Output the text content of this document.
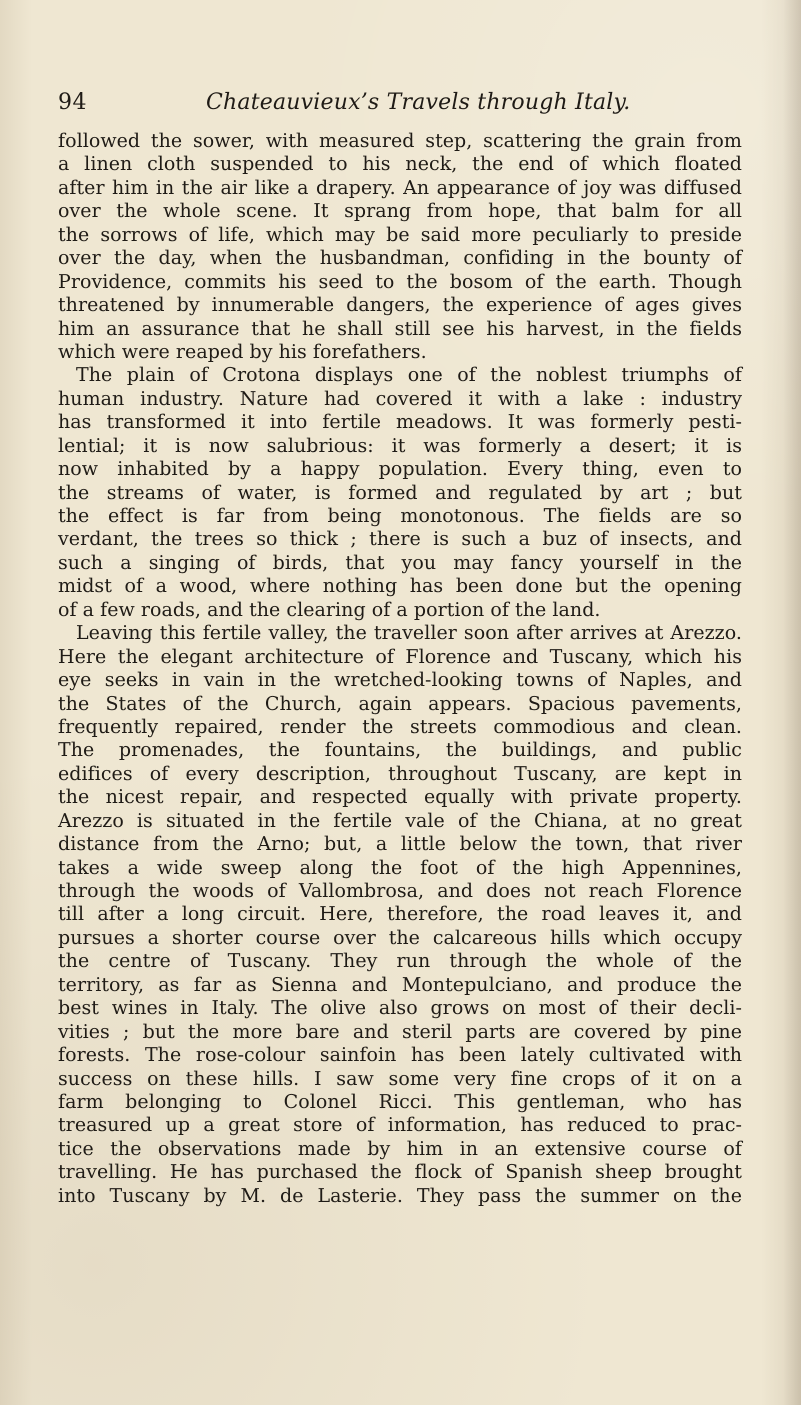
94	Chateauvieux’s Travels through Italy.
followed the sower, with measured step, scattering the grain from
a linen cloth suspended to his neck, the end of which floated
after him in the air like a drapery. An appearance of joy was diffused
over the whole scene. It sprang from hope, that balm for all
the sorrows of life, which may be said more peculiarly to preside
over the day, when the husbandman, confiding in the bounty of
Providence, commits his seed to the bosom of the earth. Though
threatened by innumerable dangers, the experience of ages gives
him an assurance that he shall still see his harvest, in the fields
which were reaped by his forefathers.
The plain of Crotona displays one of the noblest triumphs of
human industry. Nature had covered it with a lake : industry
has transformed it into fertile meadows. It was formerly pesti-
lential; it is now salubrious: it was formerly a desert; it is
now inhabited by a happy population. Every thing, even to
the streams of water, is formed and regulated by art ; but
the effect is far from being monotonous. The fields are so
verdant, the trees so thick ; there is such a buz of insects, and
such a singing of birds, that you may fancy yourself in the
midst of a wood, where nothing has been done but the opening
of a few roads, and the clearing of a portion of the land.
Leaving this fertile valley, the traveller soon after arrives at Arezzo.
Here the elegant architecture of Florence and Tuscany, which his
eye seeks in vain in the wretched-looking towns of Naples, and
the States of the Church, again appears. Spacious pavements,
frequently repaired, render the streets commodious and clean.
The promenades, the fountains, the buildings, and public
edifices of every description, throughout Tuscany, are kept in
the nicest repair, and respected equally with private property.
Arezzo is situated in the fertile vale of the Chiana, at no great
distance from the Arno; but, a little below the town, that river
takes a wide sweep along the foot of the high Appennines,
through the woods of Vallombrosa, and does not reach Florence
till after a long circuit. Here, therefore, the road leaves it, and
pursues a shorter course over the calcareous hills which occupy
the centre of Tuscany. They run through the whole of the
territory, as far as Sienna and Montepulciano, and produce the
best wines in Italy. The olive also grows on most of their decli-
vities ; but the more bare and steril parts are covered by pine
forests. The rose-colour sainfoin has been lately cultivated with
success on these hills. I saw some very fine crops of it on a
farm belonging to Colonel Ricci. This gentleman, who has
treasured up a great store of information, has reduced to prac-
tice the observations made by him in an extensive course of
travelling. He has purchased the flock of Spanish sheep brought
into Tuscany by M. de Lasterie. They pass the summer on the
